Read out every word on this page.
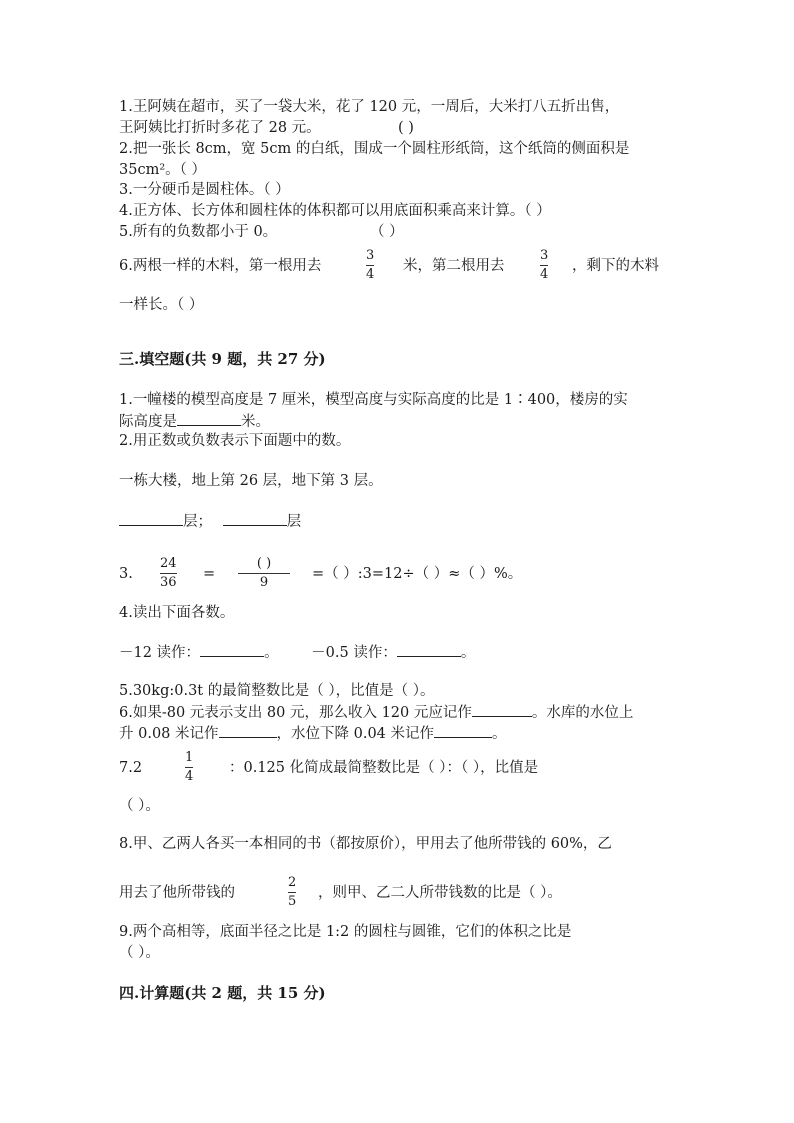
1.王阿姨在超市，买了一袋大米，花了 120 元，一周后，大米打八五折出售，
王阿姨比打折时多花了 28 元。	( )
2.把一张长 8cm，宽 5cm 的白纸，围成一个圆柱形纸筒，这个纸筒的侧面积是
35cm²。（ ）
3.一分硬币是圆柱体。（ ）
4.正方体、长方体和圆柱体的体积都可以用底面积乘高来计算。（ ）
5.所有的负数都小于 0。	（ ）
6.两根一样的木料，第一根用去
3
4
米，第二根用去
3
4
，剩下的木料
一样长。（ ）
三.填空题(共 9 题，共 27 分)
1.一幢楼的模型高度是 7 厘米，模型高度与实际高度的比是 1∶400，楼房的实
际高度是	米。
2.用正数或负数表示下面题中的数。
一栋大楼，地上第 26 层，地下第 3 层。
层；	层
3.
24
36
=
( )
9
=（ ）:3=12÷（ ）≈（ ）%。
4.读出下面各数。
－12 读作：	。 －0.5 读作：	。
5.30kg:0.3t 的最简整数比是（ ），比值是（ ）。
6.如果-80 元表示支出 80 元，那么收入 120 元应记作	。水库的水位上
升 0.08 米记作	，水位下降 0.04 米记作	。
7.2
1
4
：0.125 化简成最简整数比是（ ）：（ ），比值是
（ ）。
8.甲、乙两人各买一本相同的书（都按原价），甲用去了他所带钱的 60%，乙
用去了他所带钱的
2
5
，则甲、乙二人所带钱数的比是（ ）。
9.两个高相等，底面半径之比是 1:2 的圆柱与圆锥，它们的体积之比是
（ ）。
四.计算题(共 2 题，共 15 分)
